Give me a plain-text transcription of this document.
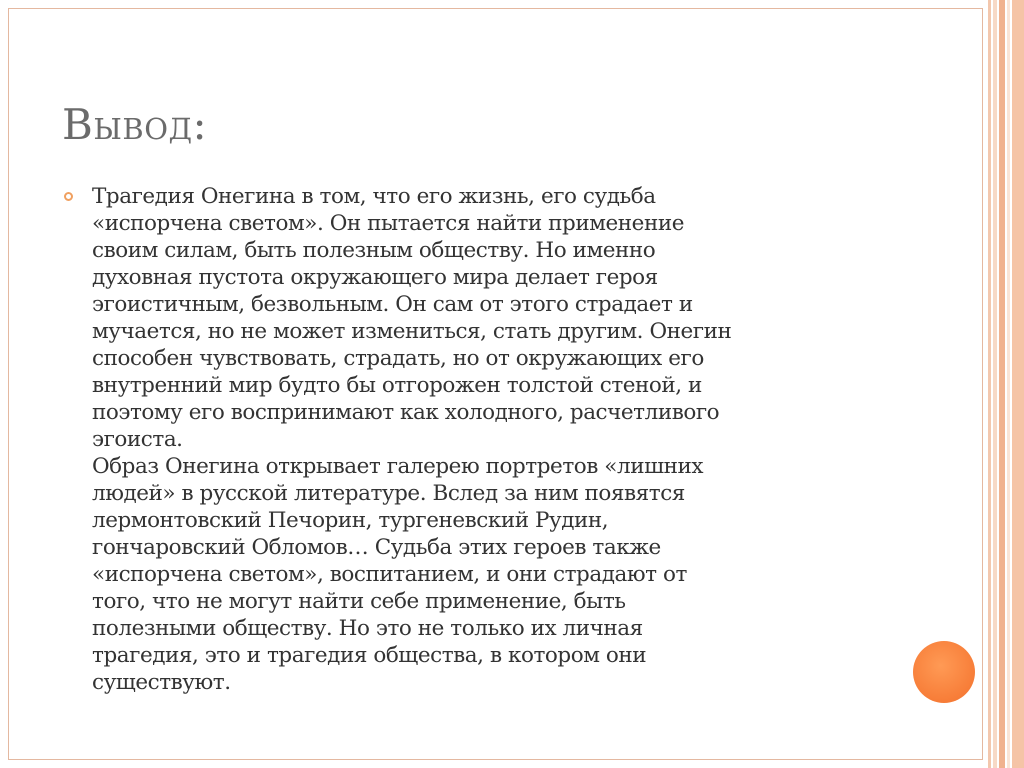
Вывод:

Трагедия Онегина в том, что его жизнь, его судьба
«испорчена светом». Он пытается найти применение
своим силам, быть полезным обществу. Но именно
духовная пустота окружающего мира делает героя
эгоистичным, безвольным. Он сам от этого страдает и
мучается, но не может измениться, стать другим. Онегин
способен чувствовать, страдать, но от окружающих его
внутренний мир будто бы отгорожен толстой стеной, и
поэтому его воспринимают как холодного, расчетливого
эгоиста.

Образ Онегина открывает галерею портретов «лишних
людей» в русской литературе. Вслед за ним появятся
лермонтовский Печорин, тургеневский Рудин,
гончаровский Обломов… Судьба этих героев также
«испорчена светом», воспитанием, и они страдают от
того, что не могут найти себе применение, быть
полезными обществу. Но это не только их личная
трагедия, это и трагедия общества, в котором они
существуют.
